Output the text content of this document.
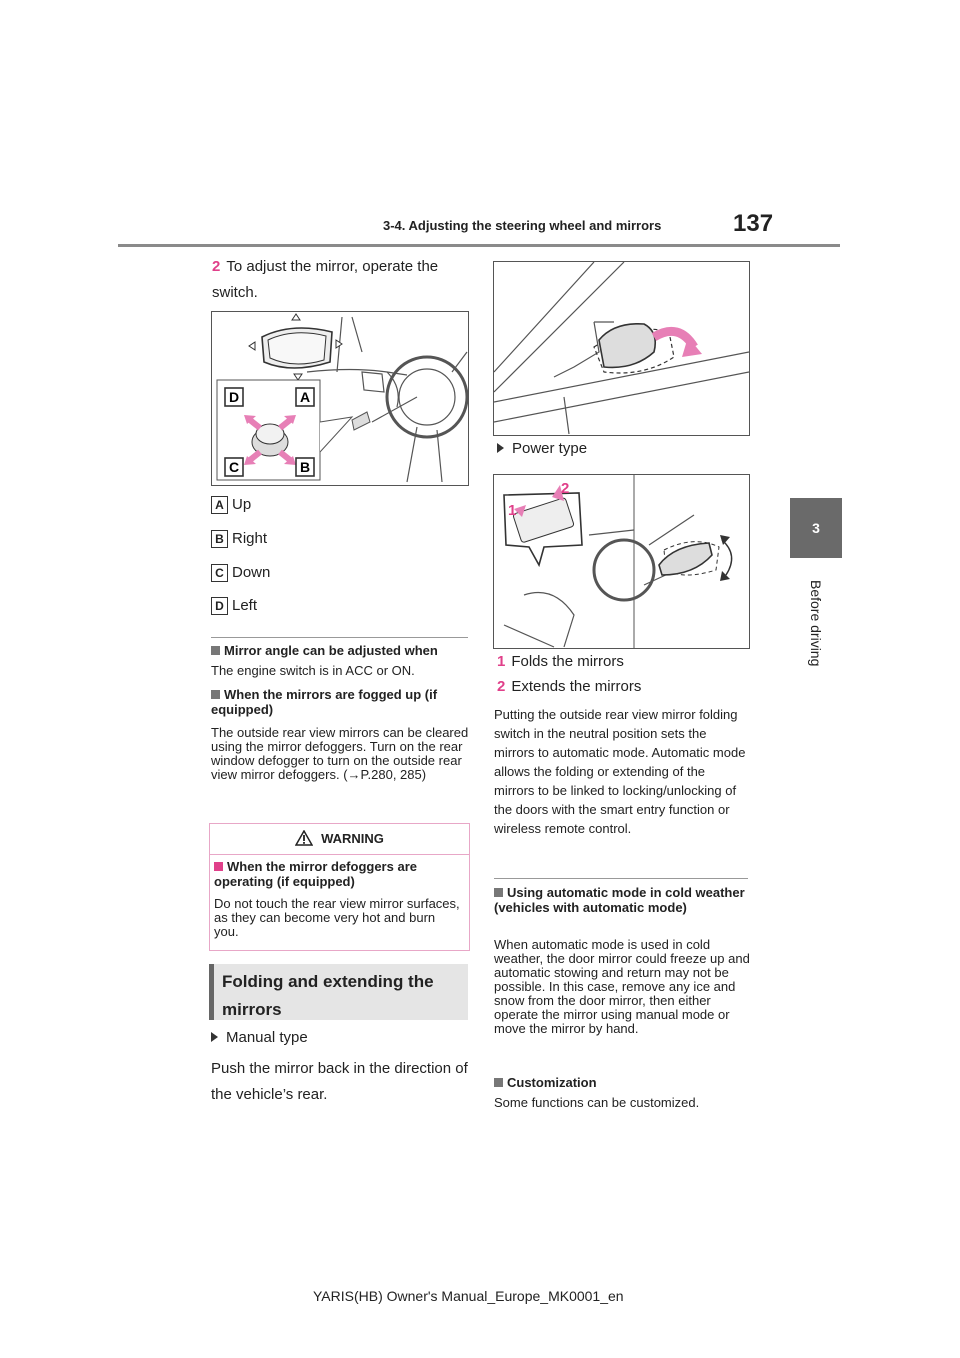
3-4. Adjusting the steering wheel and mirrors	137
3
Before driving
2 To adjust the mirror, operate the switch.
D	A
C	B
A Up
B Right
C Down
D Left
Mirror angle can be adjusted when
The engine switch is in ACC or ON.
When the mirrors are fogged up (if equipped)
The outside rear view mirrors can be cleared using the mirror defoggers. Turn on the rear window defogger to turn on the outside rear view mirror defoggers. (→P.280, 285)
WARNING
When the mirror defoggers are operating (if equipped)
Do not touch the rear view mirror surfaces, as they can become very hot and burn you.
Folding and extending the mirrors
Manual type
Push the mirror back in the direction of the vehicle’s rear.
Power type
1
2
1 Folds the mirrors
2 Extends the mirrors
Putting the outside rear view mirror folding switch in the neutral position sets the mirrors to automatic mode. Automatic mode allows the folding or extending of the mirrors to be linked to locking/unlocking of the doors with the smart entry function or wireless remote control.
Using automatic mode in cold weather (vehicles with automatic mode)
When automatic mode is used in cold weather, the door mirror could freeze up and automatic stowing and return may not be possible. In this case, remove any ice and snow from the door mirror, then either operate the mirror using manual mode or move the mirror by hand.
Customization
Some functions can be customized.
YARIS(HB) Owner's Manual_Europe_MK0001_en
